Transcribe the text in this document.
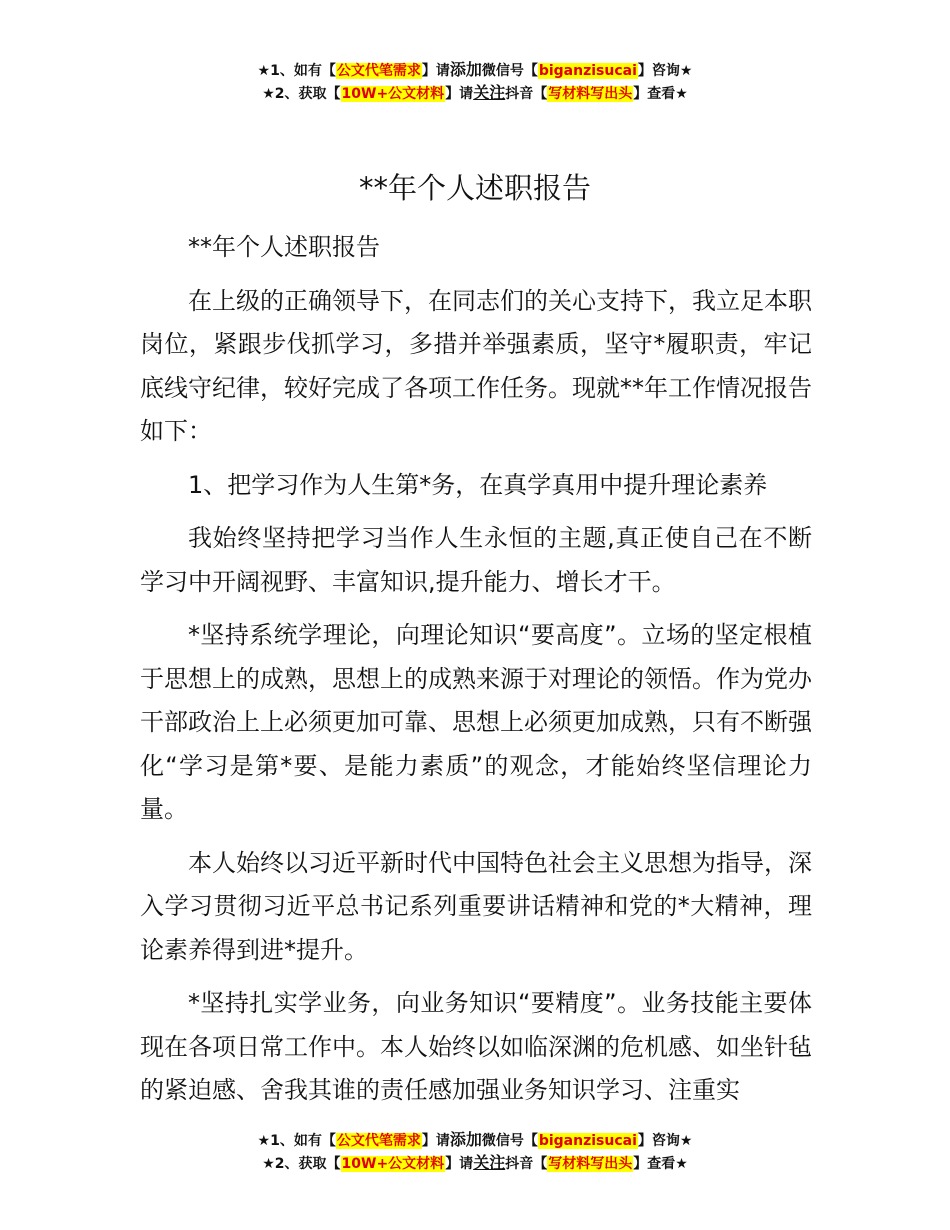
★1、如有【公文代笔需求】请添加微信号【biganzisucai】咨询★
★2、获取【10W+公文材料】请关注抖音【写材料写出头】查看★
**年个人述职报告

**年个人述职报告

在上级的正确领导下，在同志们的关心支持下，我立足本职岗位，紧跟步伐抓学习，多措并举强素质，坚守*履职责，牢记底线守纪律，较好完成了各项工作任务。现就**年工作情况报告如下：

1、把学习作为人生第*务，在真学真用中提升理论素养

我始终坚持把学习当作人生永恒的主题,真正使自己在不断学习中开阔视野、丰富知识,提升能力、增长才干。

*坚持系统学理论，向理论知识“要高度”。立场的坚定根植于思想上的成熟，思想上的成熟来源于对理论的领悟。作为党办干部政治上上必须更加可靠、思想上必须更加成熟，只有不断强化“学习是第*要、是能力素质”的观念，才能始终坚信理论力量。

本人始终以习近平新时代中国特色社会主义思想为指导，深入学习贯彻习近平总书记系列重要讲话精神和党的*大精神，理论素养得到进*提升。

*坚持扎实学业务，向业务知识“要精度”。业务技能主要体现在各项日常工作中。本人始终以如临深渊的危机感、如坐针毡的紧迫感、舍我其谁的责任感加强业务知识学习、注重实

★1、如有【公文代笔需求】请添加微信号【biganzisucai】咨询★
★2、获取【10W+公文材料】请关注抖音【写材料写出头】查看★
